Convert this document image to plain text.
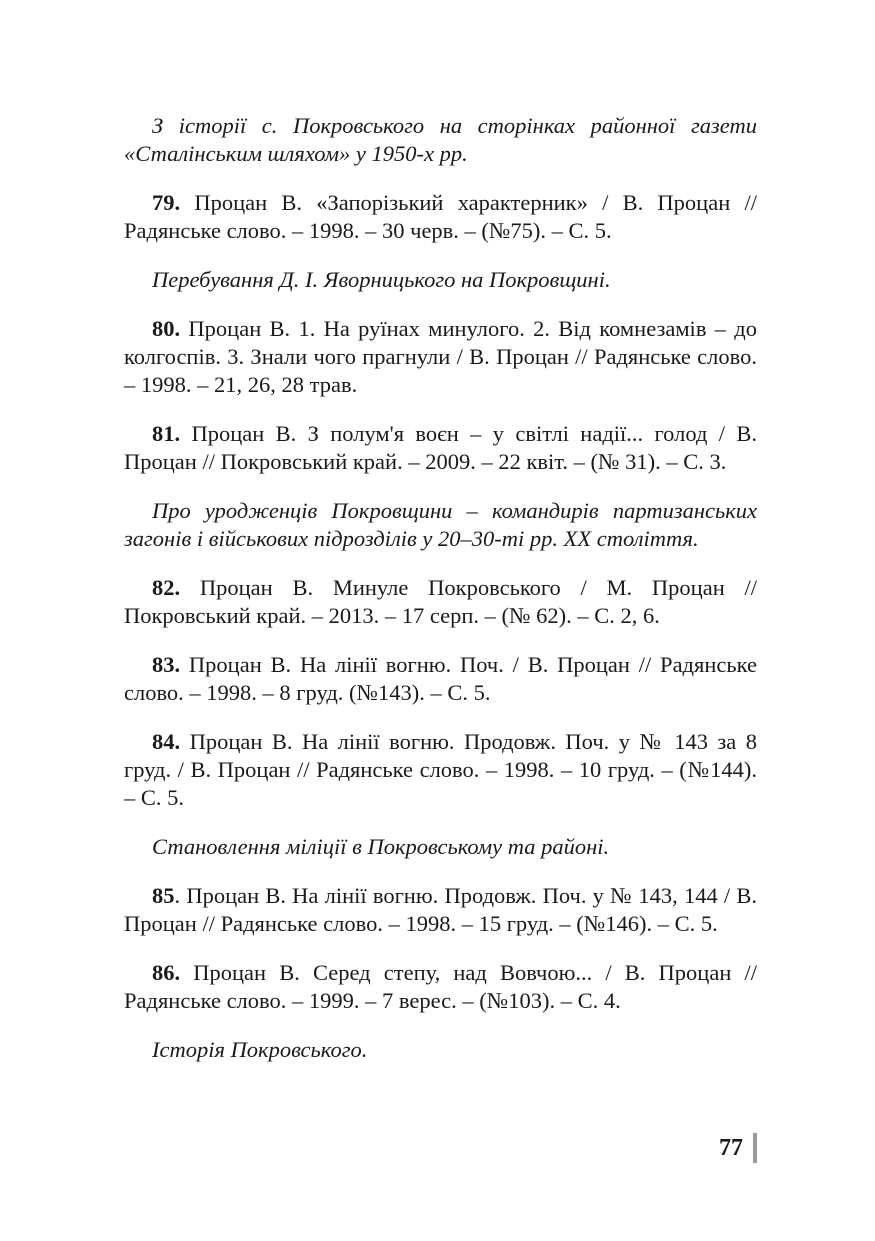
З історії с. Покровського на сторінках районної газети «Сталінським шляхом» у 1950-х рр.

79. Процан В. «Запорізький характерник» / В. Процан // Радянське слово. – 1998. – 30 черв. – (№75). – С. 5.

Перебування Д. І. Яворницького на Покровщині.

80. Процан В. 1. На руїнах минулого. 2. Від комнезамів – до колгоспів. 3. Знали чого прагнули / В. Процан // Радянське слово. – 1998. – 21, 26, 28 трав.

81. Процан В. З полум'я воєн – у світлі надії... голод / В. Процан // Покровський край. – 2009. – 22 квіт. – (№ 31). – С. 3.

Про уродженців Покровщини – командирів партизанських загонів і військових підрозділів у 20–30-ті рр. ХХ століття.

82. Процан В. Минуле Покровського / М. Процан // Покровський край. – 2013. – 17 серп. – (№ 62). – С. 2, 6.

83. Процан В. На лінії вогню. Поч. / В. Процан // Радянське слово. – 1998. – 8 груд. (№143). – С. 5.

84. Процан В. На лінії вогню. Продовж. Поч. у № 143 за 8 груд. / В. Процан // Радянське слово. – 1998. – 10 груд. – (№144). – С. 5.

Становлення міліції в Покровському та районі.

85. Процан В. На лінії вогню. Продовж. Поч. у № 143, 144 / В. Процан // Радянське слово. – 1998. – 15 груд. – (№146). – С. 5.

86. Процан В. Серед степу, над Вовчою... / В. Процан // Радянське слово. – 1999. – 7 верес. – (№103). – С. 4.

Історія Покровського.

77
